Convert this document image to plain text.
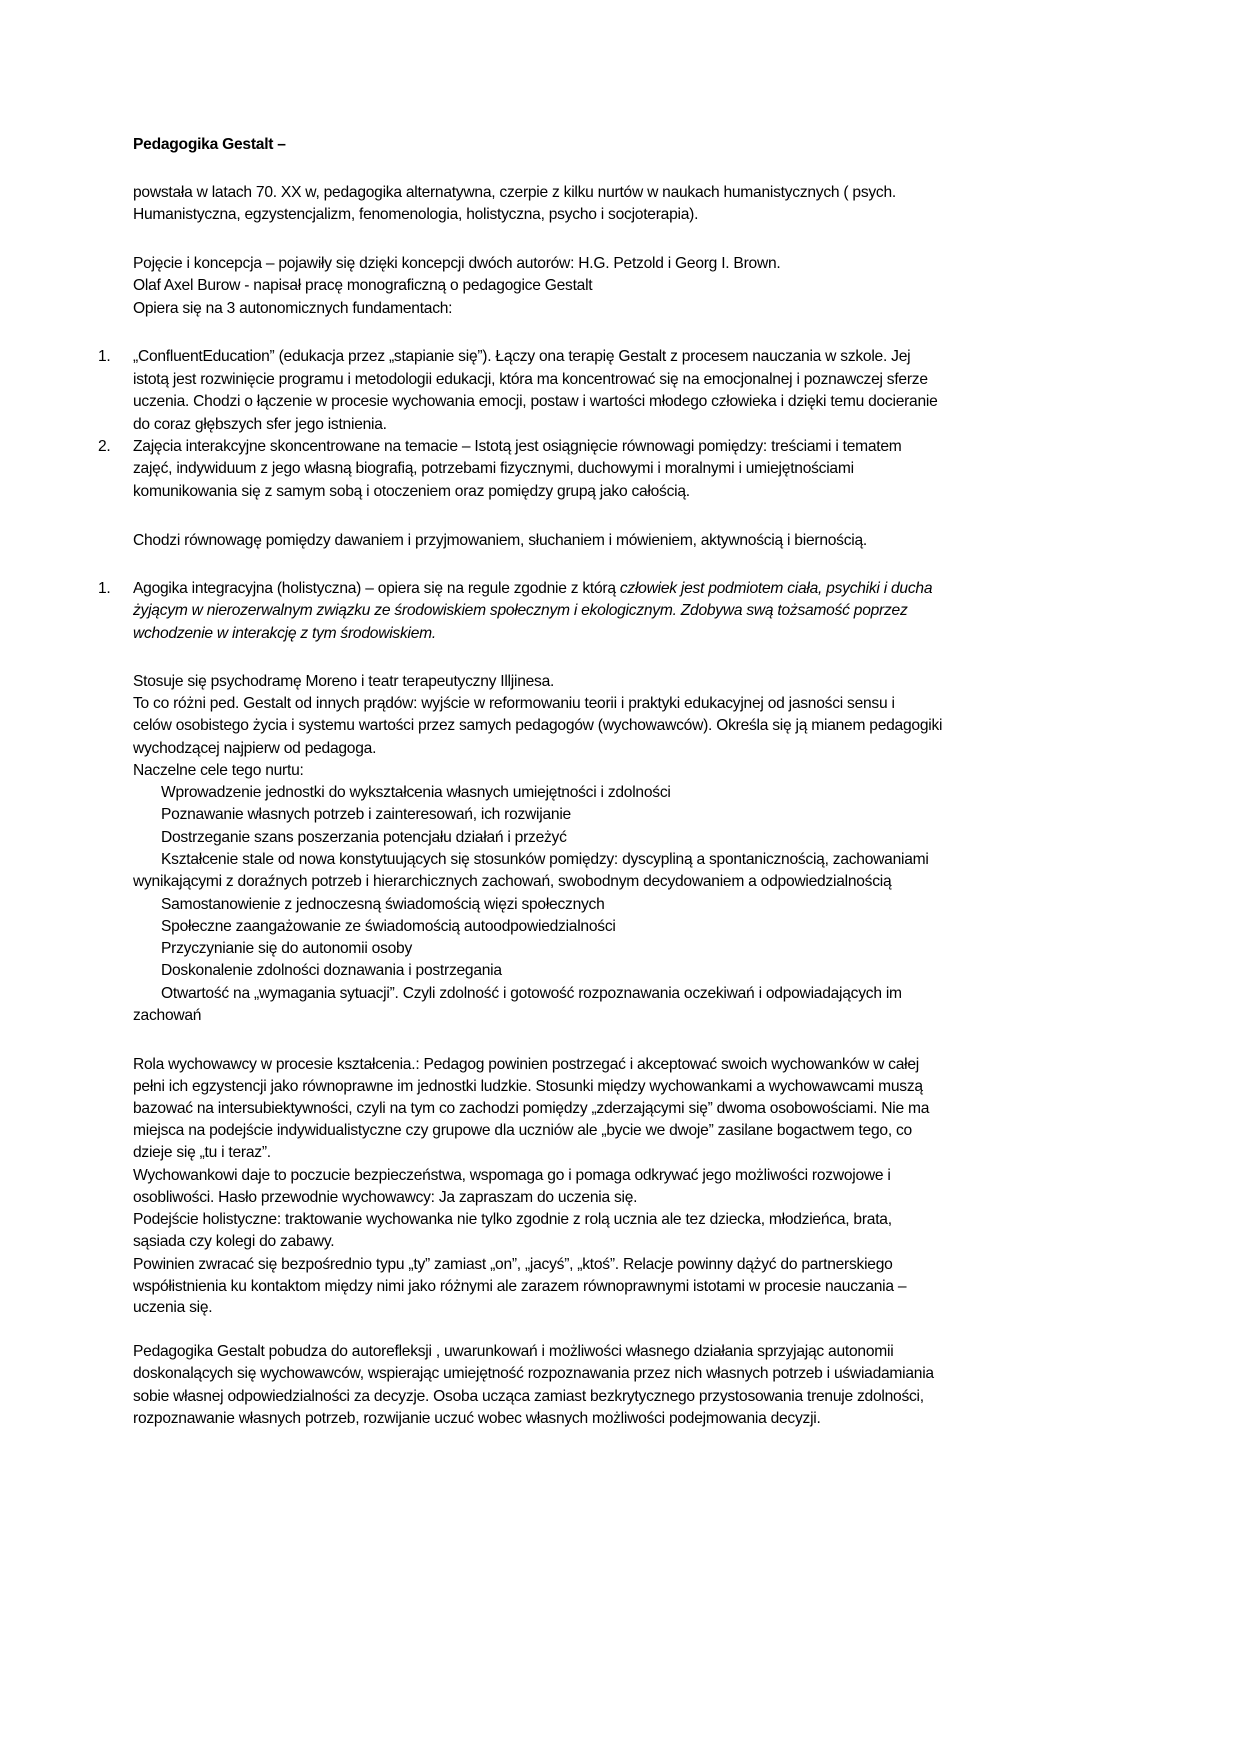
Pedagogika Gestalt –
powstała w latach 70. XX w, pedagogika alternatywna, czerpie z kilku nurtów w naukach humanistycznych ( psych.
Humanistyczna, egzystencjalizm, fenomenologia, holistyczna, psycho i socjoterapia).
Pojęcie i koncepcja – pojawiły się dzięki koncepcji dwóch autorów: H.G. Petzold i Georg I. Brown.
Olaf Axel Burow - napisał pracę monograficzną o pedagogice Gestalt
Opiera się na 3 autonomicznych fundamentach:
1. „ConfluentEducation” (edukacja przez „stapianie się”). Łączy ona terapię Gestalt z procesem nauczania w szkole. Jej
istotą jest rozwinięcie programu i metodologii edukacji, która ma koncentrować się na emocjonalnej i poznawczej sferze
uczenia. Chodzi o łączenie w procesie wychowania emocji, postaw i wartości młodego człowieka i dzięki temu docieranie
do coraz głębszych sfer jego istnienia.
2. Zajęcia interakcyjne skoncentrowane na temacie – Istotą jest osiągnięcie równowagi pomiędzy: treściami i tematem
zajęć, indywiduum z jego własną biografią, potrzebami fizycznymi, duchowymi i moralnymi i umiejętnościami
komunikowania się z samym sobą i otoczeniem oraz pomiędzy grupą jako całością.
Chodzi równowagę pomiędzy dawaniem i przyjmowaniem, słuchaniem i mówieniem, aktywnością i biernością.
1. Agogika integracyjna (holistyczna) – opiera się na regule zgodnie z którą człowiek jest podmiotem ciała, psychiki i ducha
żyjącym w nierozerwalnym związku ze środowiskiem społecznym i ekologicznym. Zdobywa swą tożsamość poprzez
wchodzenie w interakcję z tym środowiskiem.
Stosuje się psychodramę Moreno i teatr terapeutyczny Illjinesa.
To co różni ped. Gestalt od innych prądów: wyjście w reformowaniu teorii i praktyki edukacyjnej od jasności sensu i
celów osobistego życia i systemu wartości przez samych pedagogów (wychowawców). Określa się ją mianem pedagogiki
wychodzącej najpierw od pedagoga.
Naczelne cele tego nurtu:
Wprowadzenie jednostki do wykształcenia własnych umiejętności i zdolności
Poznawanie własnych potrzeb i zainteresowań, ich rozwijanie
Dostrzeganie szans poszerzania potencjału działań i przeżyć
Kształcenie stale od nowa konstytuujących się stosunków pomiędzy: dyscypliną a spontanicznością, zachowaniami
wynikającymi z doraźnych potrzeb i hierarchicznych zachowań, swobodnym decydowaniem a odpowiedzialnością
Samostanowienie z jednoczesną świadomością więzi społecznych
Społeczne zaangażowanie ze świadomością autoodpowiedzialności
Przyczynianie się do autonomii osoby
Doskonalenie zdolności doznawania i postrzegania
Otwartość na „wymagania sytuacji”. Czyli zdolność i gotowość rozpoznawania oczekiwań i odpowiadających im
zachowań
Rola wychowawcy w procesie kształcenia.: Pedagog powinien postrzegać i akceptować swoich wychowanków w całej
pełni ich egzystencji jako równoprawne im jednostki ludzkie. Stosunki między wychowankami a wychowawcami muszą
bazować na intersubiektywności, czyli na tym co zachodzi pomiędzy „zderzającymi się” dwoma osobowościami. Nie ma
miejsca na podejście indywidualistyczne czy grupowe dla uczniów ale „bycie we dwoje” zasilane bogactwem tego, co
dzieje się „tu i teraz”.
Wychowankowi daje to poczucie bezpieczeństwa, wspomaga go i pomaga odkrywać jego możliwości rozwojowe i
osobliwości. Hasło przewodnie wychowawcy: Ja zapraszam do uczenia się.
Podejście holistyczne: traktowanie wychowanka nie tylko zgodnie z rolą ucznia ale tez dziecka, młodzieńca, brata,
sąsiada czy kolegi do zabawy.
Powinien zwracać się bezpośrednio typu „ty” zamiast „on”, „jacyś”, „ktoś”. Relacje powinny dążyć do partnerskiego
współistnienia ku kontaktom między nimi jako różnymi ale zarazem równoprawnymi istotami w procesie nauczania –
uczenia się.
Pedagogika Gestalt pobudza do autorefleksji , uwarunkowań i możliwości własnego działania sprzyjając autonomii
doskonalących się wychowawców, wspierając umiejętność rozpoznawania przez nich własnych potrzeb i uświadamiania
sobie własnej odpowiedzialności za decyzje. Osoba ucząca zamiast bezkrytycznego przystosowania trenuje zdolności,
rozpoznawanie własnych potrzeb, rozwijanie uczuć wobec własnych możliwości podejmowania decyzji.
